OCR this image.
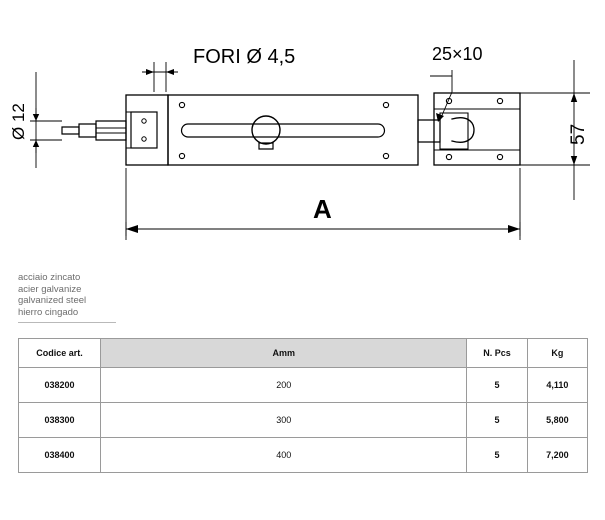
FORI Ø 4,5	25×10
57
Ø 12
A
acciaio zincato
acier galvanize
galvanized steel
hierro cingado
Codice art.	Amm	N. Pcs	Kg
038200	200	5	4,110
038300	300	5	5,800
038400	400	5	7,200
